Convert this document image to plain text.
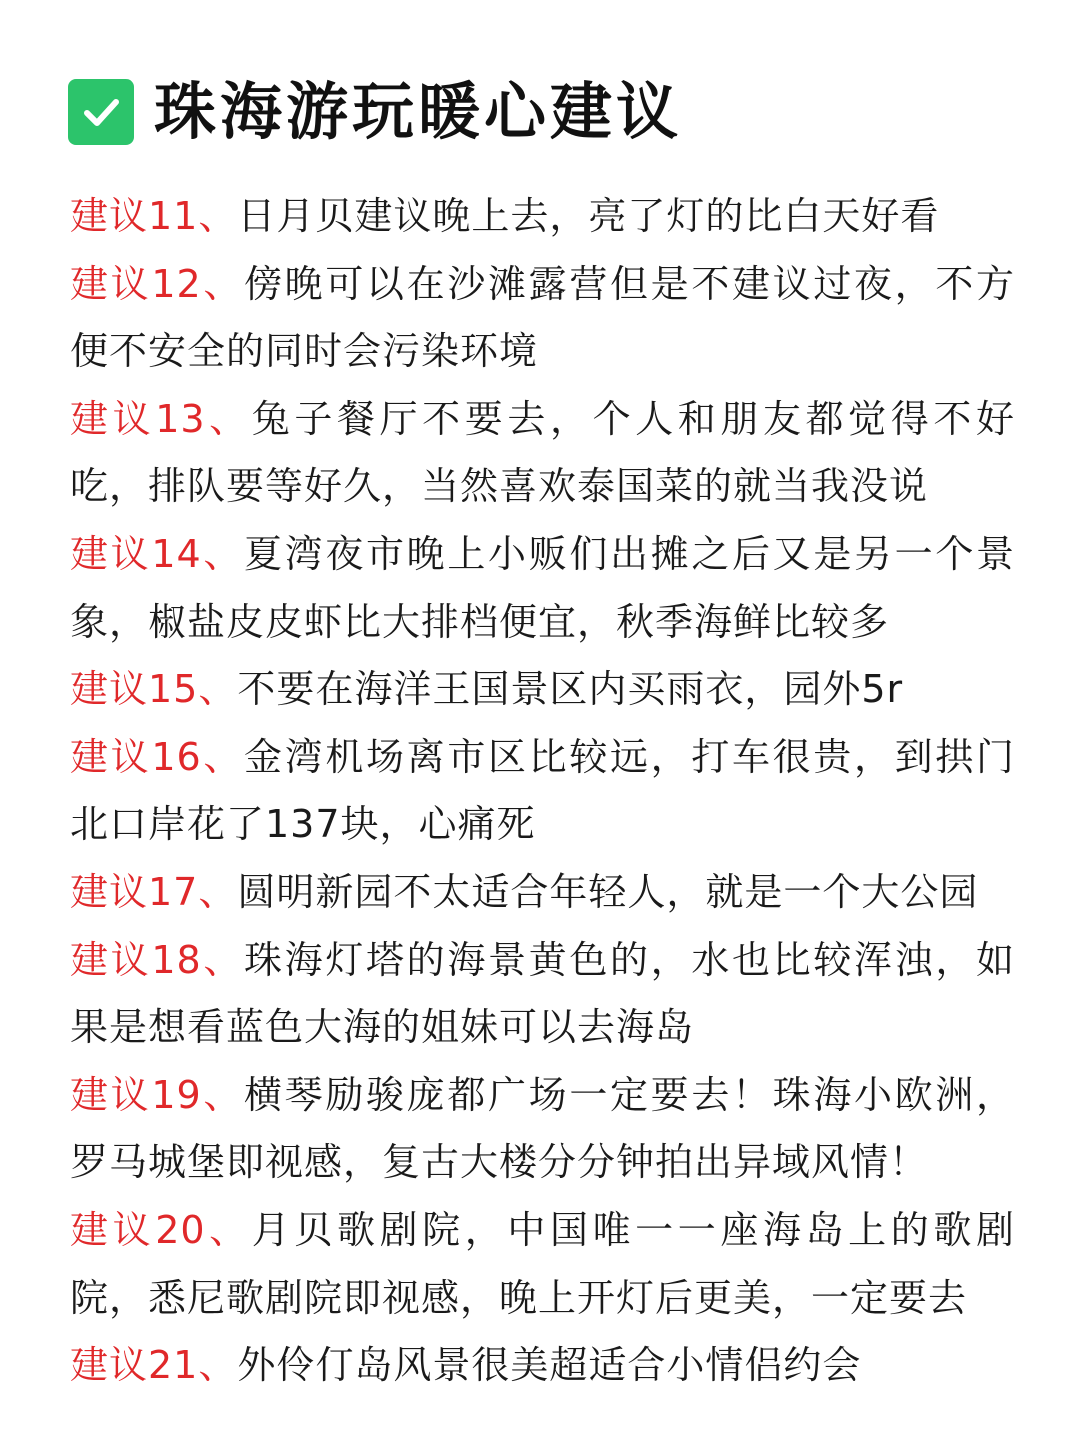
珠海游玩暖心建议
建议11、日月贝建议晚上去，亮了灯的比白天好看
建议12、傍晚可以在沙滩露营但是不建议过夜，不方便不安全的同时会污染环境
建议13、兔子餐厅不要去，个人和朋友都觉得不好吃，排队要等好久，当然喜欢泰国菜的就当我没说
建议14、夏湾夜市晚上小贩们出摊之后又是另一个景象，椒盐皮皮虾比大排档便宜，秋季海鲜比较多
建议15、不要在海洋王国景区内买雨衣，园外5r
建议16、金湾机场离市区比较远，打车很贵，到拱门北口岸花了137块，心痛死
建议17、圆明新园不太适合年轻人，就是一个大公园
建议18、珠海灯塔的海景黄色的，水也比较浑浊，如果是想看蓝色大海的姐妹可以去海岛
建议19、横琴励骏庞都广场一定要去！珠海小欧洲，罗马城堡即视感，复古大楼分分钟拍出异域风情！
建议20、月贝歌剧院，中国唯一一座海岛上的歌剧院，悉尼歌剧院即视感，晚上开灯后更美，一定要去
建议21、外伶仃岛风景很美超适合小情侣约会
